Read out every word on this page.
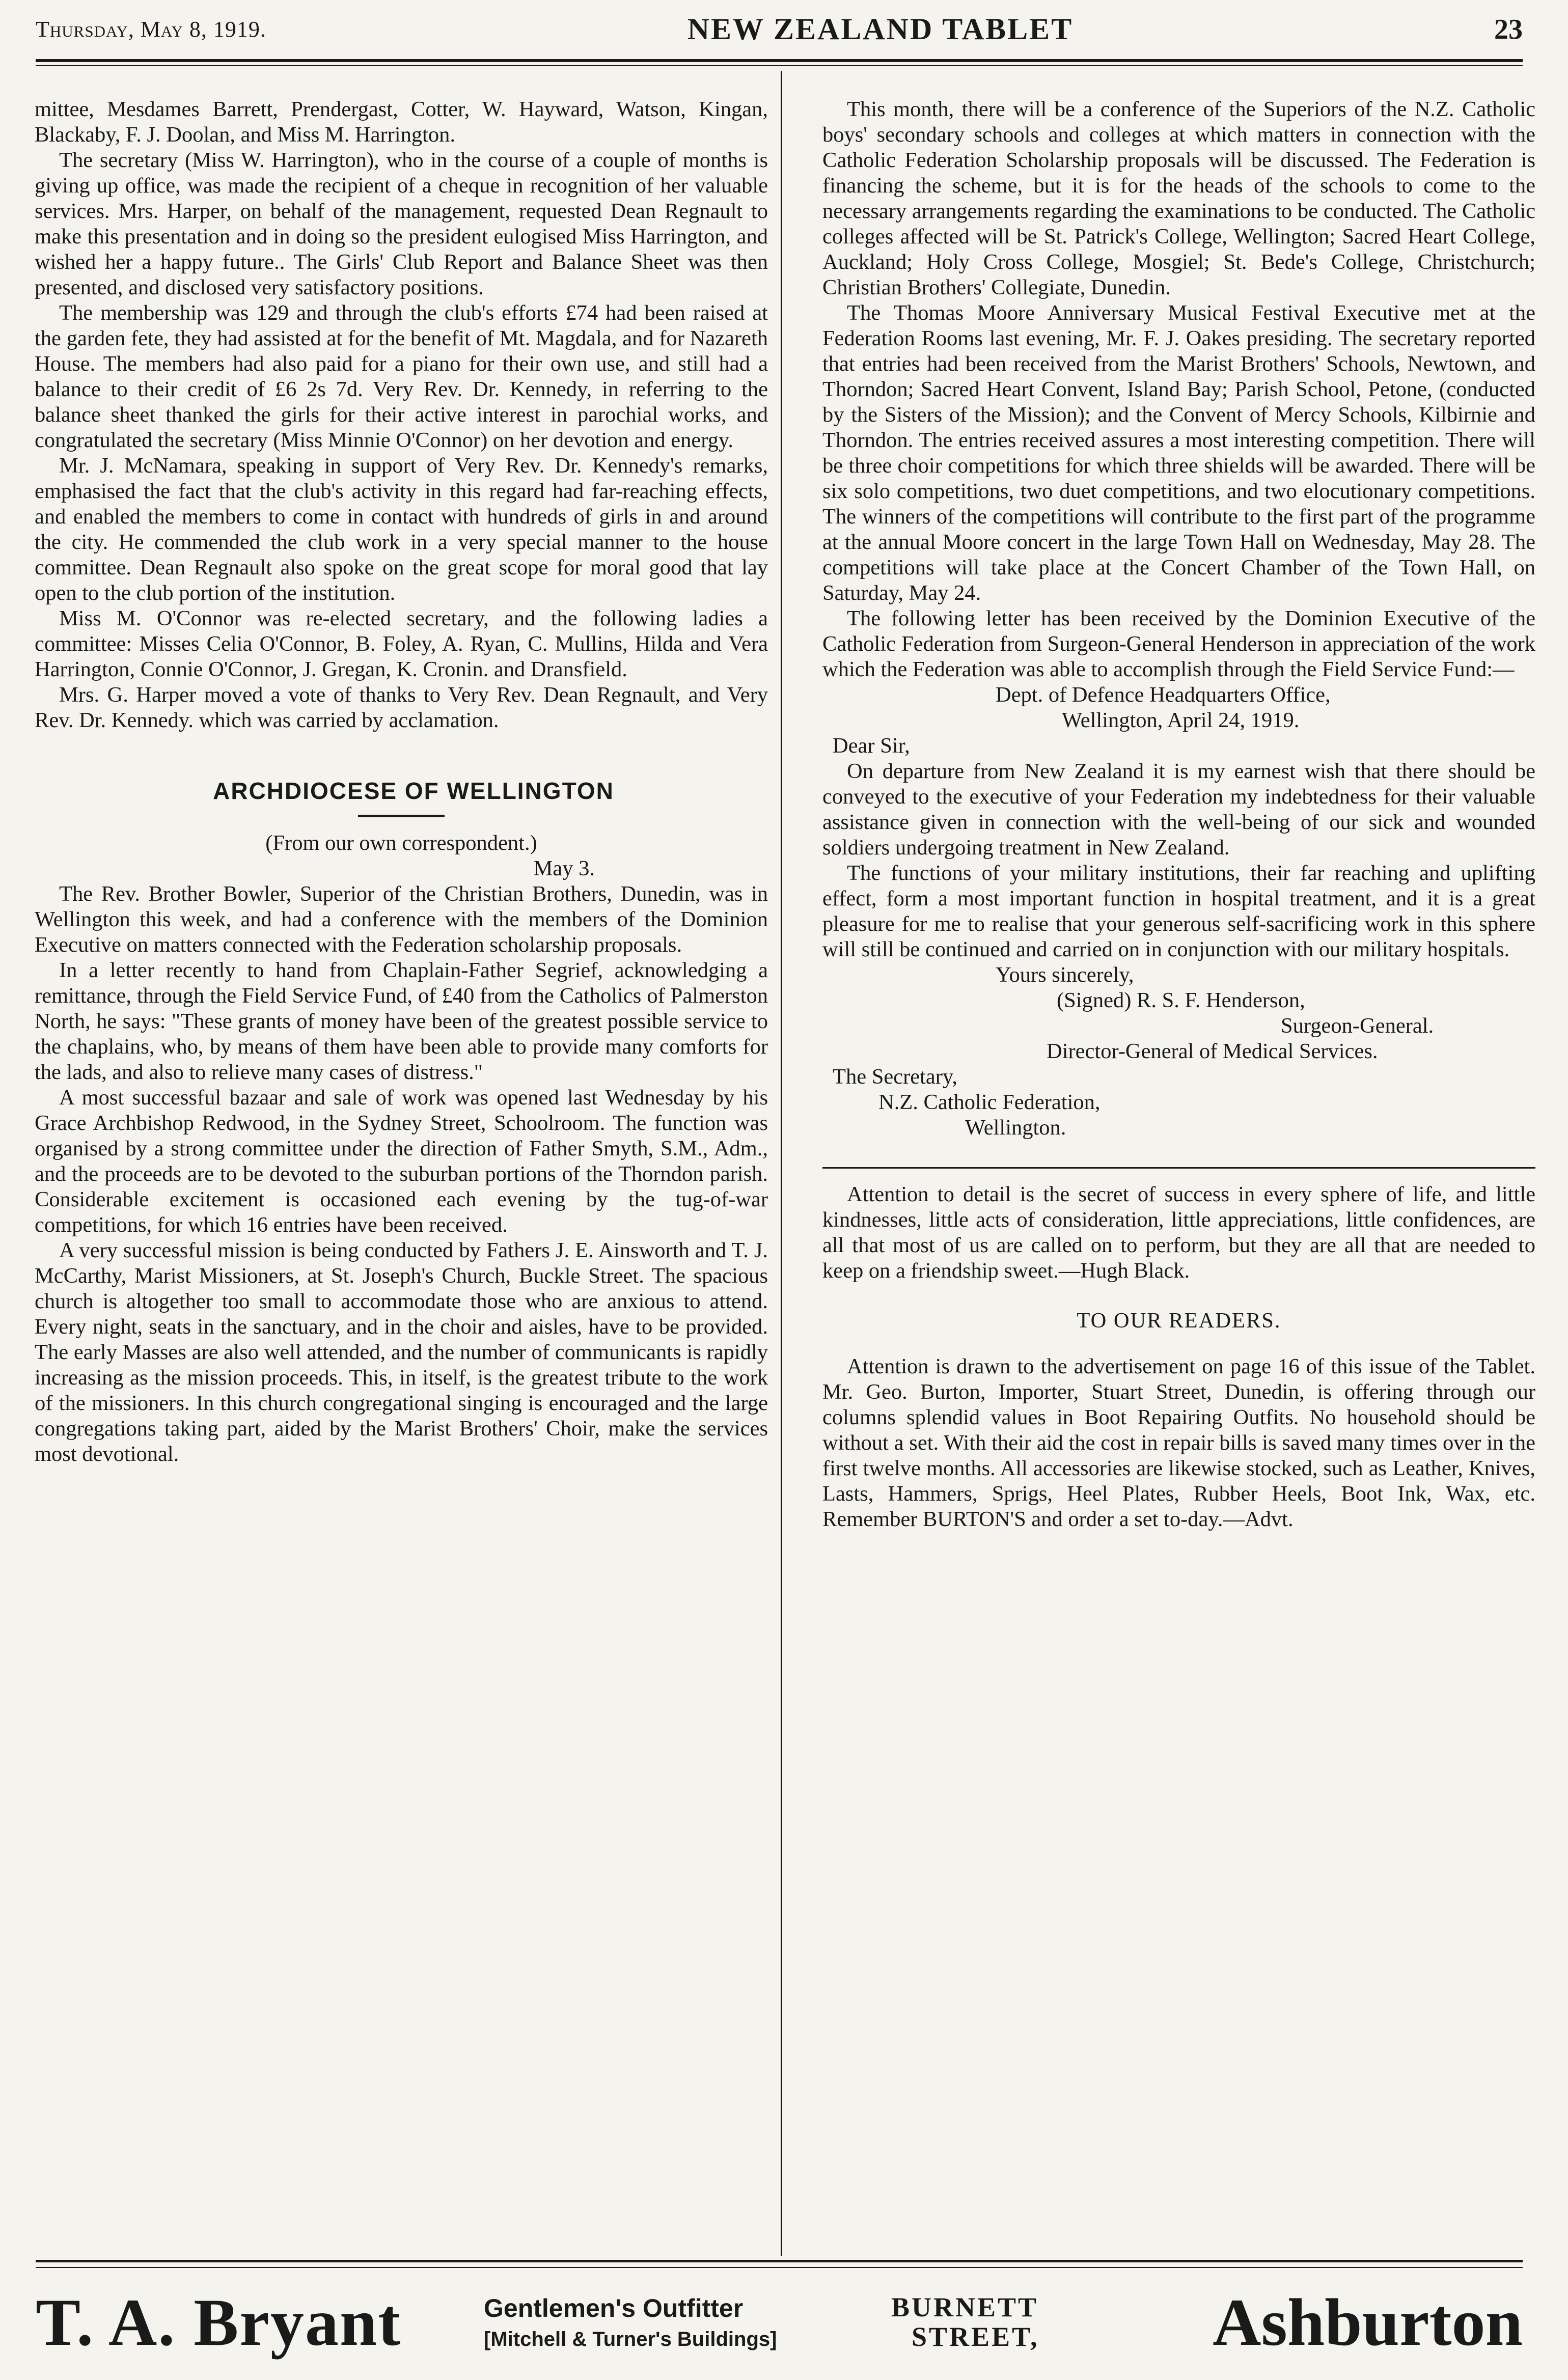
Thursday, May 8, 1919.	NEW ZEALAND TABLET	23

mittee, Mesdames Barrett, Prendergast, Cotter, W. Hayward, Watson, Kingan, Blackaby, F. J. Doolan, and Miss M. Harrington.

The secretary (Miss W. Harrington), who in the course of a couple of months is giving up office, was made the recipient of a cheque in recognition of her valuable services. Mrs. Harper, on behalf of the management, requested Dean Regnault to make this presentation and in doing so the president eulogised Miss Harrington, and wished her a happy future.. The Girls' Club Report and Balance Sheet was then presented, and disclosed very satisfactory positions.

The membership was 129 and through the club's efforts £74 had been raised at the garden fete, they had assisted at for the benefit of Mt. Magdala, and for Nazareth House. The members had also paid for a piano for their own use, and still had a balance to their credit of £6 2s 7d. Very Rev. Dr. Kennedy, in referring to the balance sheet thanked the girls for their active interest in parochial works, and congratulated the secretary (Miss Minnie O'Connor) on her devotion and energy.

Mr. J. McNamara, speaking in support of Very Rev. Dr. Kennedy's remarks, emphasised the fact that the club's activity in this regard had far-reaching effects, and enabled the members to come in contact with hundreds of girls in and around the city. He commended the club work in a very special manner to the house committee. Dean Regnault also spoke on the great scope for moral good that lay open to the club portion of the institution.

Miss M. O'Connor was re-elected secretary, and the following ladies a committee: Misses Celia O'Connor, B. Foley, A. Ryan, C. Mullins, Hilda and Vera Harrington, Connie O'Connor, J. Gregan, K. Cronin. and Dransfield.

Mrs. G. Harper moved a vote of thanks to Very Rev. Dean Regnault, and Very Rev. Dr. Kennedy. which was carried by acclamation.

ARCHDIOCESE OF WELLINGTON

(From our own correspondent.)

May 3.

The Rev. Brother Bowler, Superior of the Christian Brothers, Dunedin, was in Wellington this week, and had a conference with the members of the Dominion Executive on matters connected with the Federation scholarship proposals.

In a letter recently to hand from Chaplain-Father Segrief, acknowledging a remittance, through the Field Service Fund, of £40 from the Catholics of Palmerston North, he says: "These grants of money have been of the greatest possible service to the chaplains, who, by means of them have been able to provide many comforts for the lads, and also to relieve many cases of distress."

A most successful bazaar and sale of work was opened last Wednesday by his Grace Archbishop Redwood, in the Sydney Street, Schoolroom. The function was organised by a strong committee under the direction of Father Smyth, S.M., Adm., and the proceeds are to be devoted to the suburban portions of the Thorndon parish. Considerable excitement is occasioned each evening by the tug-of-war competitions, for which 16 entries have been received.

A very successful mission is being conducted by Fathers J. E. Ainsworth and T. J. McCarthy, Marist Missioners, at St. Joseph's Church, Buckle Street. The spacious church is altogether too small to accommodate those who are anxious to attend. Every night, seats in the sanctuary, and in the choir and aisles, have to be provided. The early Masses are also well attended, and the number of communicants is rapidly increasing as the mission proceeds. This, in itself, is the greatest tribute to the work of the missioners. In this church congregational singing is encouraged and the large congregations taking part, aided by the Marist Brothers' Choir, make the services most devotional.

This month, there will be a conference of the Superiors of the N.Z. Catholic boys' secondary schools and colleges at which matters in connection with the Catholic Federation Scholarship proposals will be discussed. The Federation is financing the scheme, but it is for the heads of the schools to come to the necessary arrangements regarding the examinations to be conducted. The Catholic colleges affected will be St. Patrick's College, Wellington; Sacred Heart College, Auckland; Holy Cross College, Mosgiel; St. Bede's College, Christchurch; Christian Brothers' Collegiate, Dunedin.

The Thomas Moore Anniversary Musical Festival Executive met at the Federation Rooms last evening, Mr. F. J. Oakes presiding. The secretary reported that entries had been received from the Marist Brothers' Schools, Newtown, and Thorndon; Sacred Heart Convent, Island Bay; Parish School, Petone, (conducted by the Sisters of the Mission); and the Convent of Mercy Schools, Kilbirnie and Thorndon. The entries received assures a most interesting competition. There will be three choir competitions for which three shields will be awarded. There will be six solo competitions, two duet competitions, and two elocutionary competitions. The winners of the competitions will contribute to the first part of the programme at the annual Moore concert in the large Town Hall on Wednesday, May 28. The competitions will take place at the Concert Chamber of the Town Hall, on Saturday, May 24.

The following letter has been received by the Dominion Executive of the Catholic Federation from Surgeon-General Henderson in appreciation of the work which the Federation was able to accomplish through the Field Service Fund:—

Dept. of Defence Headquarters Office,

Wellington, April 24, 1919.

Dear Sir,

On departure from New Zealand it is my earnest wish that there should be conveyed to the executive of your Federation my indebtedness for their valuable assistance given in connection with the well-being of our sick and wounded soldiers undergoing treatment in New Zealand.

The functions of your military institutions, their far reaching and uplifting effect, form a most important function in hospital treatment, and it is a great pleasure for me to realise that your generous self-sacrificing work in this sphere will still be continued and carried on in conjunction with our military hospitals.

Yours sincerely,

(Signed) R. S. F. Henderson,

Surgeon-General.

Director-General of Medical Services.

The Secretary,

N.Z. Catholic Federation,

Wellington.

Attention to detail is the secret of success in every sphere of life, and little kindnesses, little acts of consideration, little appreciations, little confidences, are all that most of us are called on to perform, but they are all that are needed to keep on a friendship sweet.—Hugh Black.

TO OUR READERS.

Attention is drawn to the advertisement on page 16 of this issue of the Tablet. Mr. Geo. Burton, Importer, Stuart Street, Dunedin, is offering through our columns splendid values in Boot Repairing Outfits. No household should be without a set. With their aid the cost in repair bills is saved many times over in the first twelve months. All accessories are likewise stocked, such as Leather, Knives, Lasts, Hammers, Sprigs, Heel Plates, Rubber Heels, Boot Ink, Wax, etc. Remember BURTON'S and order a set to-day.—Advt.

T. A. Bryant	Gentlemen's Outfitter
[Mitchell & Turner's Buildings]
BURNETT
STREET,	Ashburton
